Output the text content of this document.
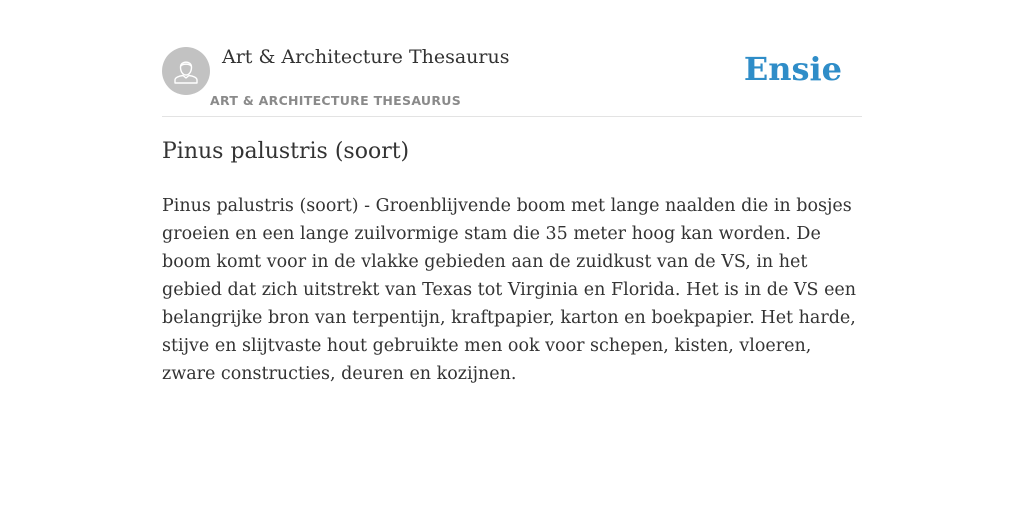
Art & Architecture Thesaurus
ART & ARCHITECTURE THESAURUS
Ensie
Pinus palustris (soort)

Pinus palustris (soort) - Groenblijvende boom met lange naalden die in bosjes groeien en een lange zuilvormige stam die 35 meter hoog kan worden. De boom komt voor in de vlakke gebieden aan de zuidkust van de VS, in het gebied dat zich uitstrekt van Texas tot Virginia en Florida. Het is in de VS een belangrijke bron van terpentijn, kraftpapier, karton en boekpapier. Het harde, stijve en slijtvaste hout gebruikte men ook voor schepen, kisten, vloeren, zware constructies, deuren en kozijnen.
